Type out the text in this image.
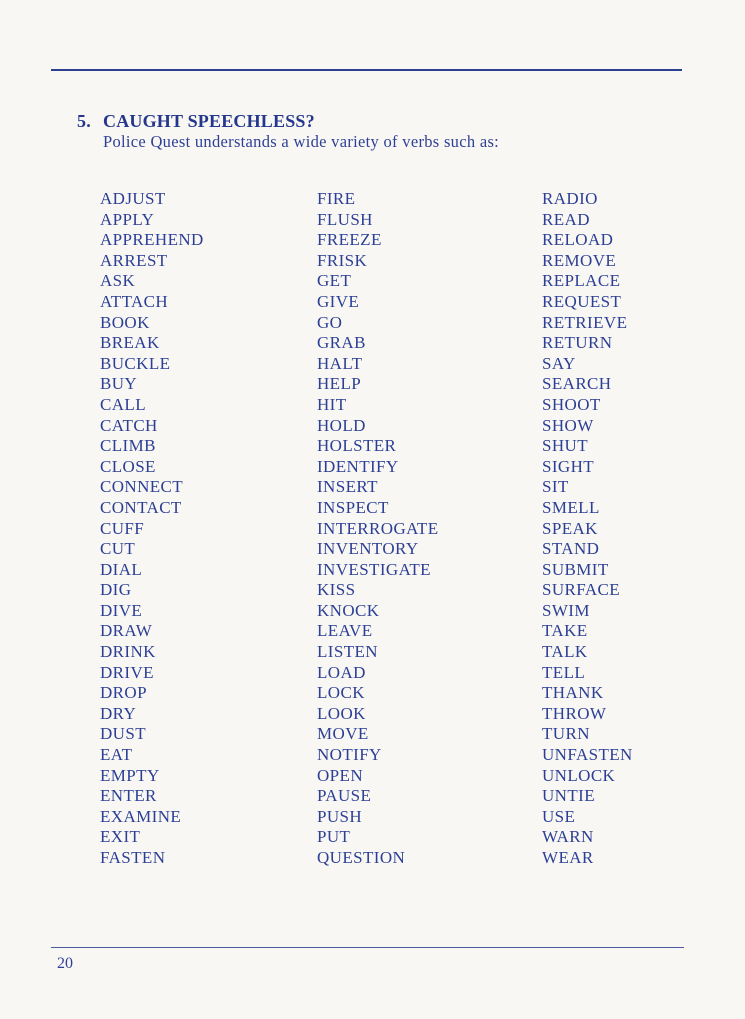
5. CAUGHT SPEECHLESS?
Police Quest understands a wide variety of verbs such as:
ADJUST
APPLY
APPREHEND
ARREST
ASK
ATTACH
BOOK
BREAK
BUCKLE
BUY
CALL
CATCH
CLIMB
CLOSE
CONNECT
CONTACT
CUFF
CUT
DIAL
DIG
DIVE
DRAW
DRINK
DRIVE
DROP
DRY
DUST
EAT
EMPTY
ENTER
EXAMINE
EXIT
FASTEN
FIRE
FLUSH
FREEZE
FRISK
GET
GIVE
GO
GRAB
HALT
HELP
HIT
HOLD
HOLSTER
IDENTIFY
INSERT
INSPECT
INTERROGATE
INVENTORY
INVESTIGATE
KISS
KNOCK
LEAVE
LISTEN
LOAD
LOCK
LOOK
MOVE
NOTIFY
OPEN
PAUSE
PUSH
PUT
QUESTION
RADIO
READ
RELOAD
REMOVE
REPLACE
REQUEST
RETRIEVE
RETURN
SAY
SEARCH
SHOOT
SHOW
SHUT
SIGHT
SIT
SMELL
SPEAK
STAND
SUBMIT
SURFACE
SWIM
TAKE
TALK
TELL
THANK
THROW
TURN
UNFASTEN
UNLOCK
UNTIE
USE
WARN
WEAR
20
